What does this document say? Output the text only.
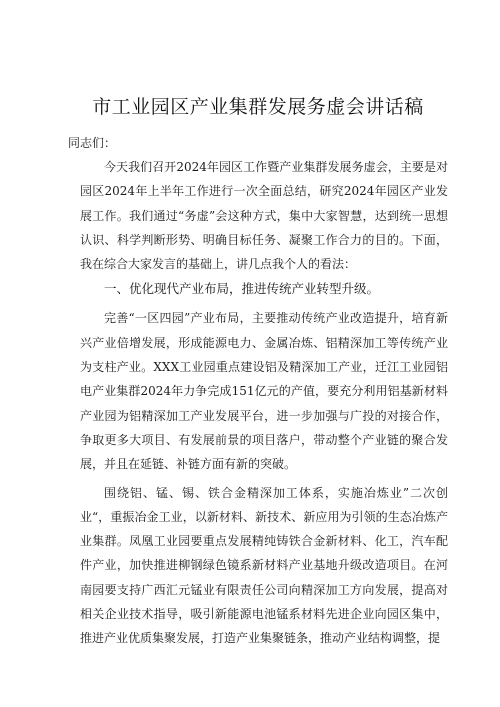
市工业园区产业集群发展务虚会讲话稿
同志们：

今天我们召开2024年园区工作暨产业集群发展务虚会，主要是对园区2024年上半年工作进行一次全面总结，研究2024年园区产业发展工作。我们通过“务虚”会这种方式，集中大家智慧，达到统一思想认识、科学判断形势、明确目标任务、凝聚工作合力的目的。下面，我在综合大家发言的基础上，讲几点我个人的看法：

一、优化现代产业布局，推进传统产业转型升级。

完善“一区四园”产业布局，主要推动传统产业改造提升，培育新兴产业倍增发展，形成能源电力、金属冶炼、铝精深加工等传统产业为支柱产业。XXX工业园重点建设铝及精深加工产业，迁江工业园铝电产业集群2024年力争完成151亿元的产值，要充分利用铝基新材料产业园为铝精深加工产业发展平台，进一步加强与广投的对接合作，争取更多大项目、有发展前景的项目落户，带动整个产业链的聚合发展，并且在延链、补链方面有新的突破。

围绕铝、锰、锡、铁合金精深加工体系，实施冶炼业”二次创业“，重振冶金工业，以新材料、新技术、新应用为引领的生态冶炼产业集群。凤凰工业园要重点发展精纯铸铁合金新材料、化工，汽车配件产业，加快推进柳钢绿色镜系新材料产业基地升级改造项目。在河南园要支持广西汇元锰业有限责任公司向精深加工方向发展，提高对相关企业技术指导，吸引新能源电池锰系材料先进企业向园区集中，推进产业优质集聚发展，打造产业集聚链条，推动产业结构调整，提
